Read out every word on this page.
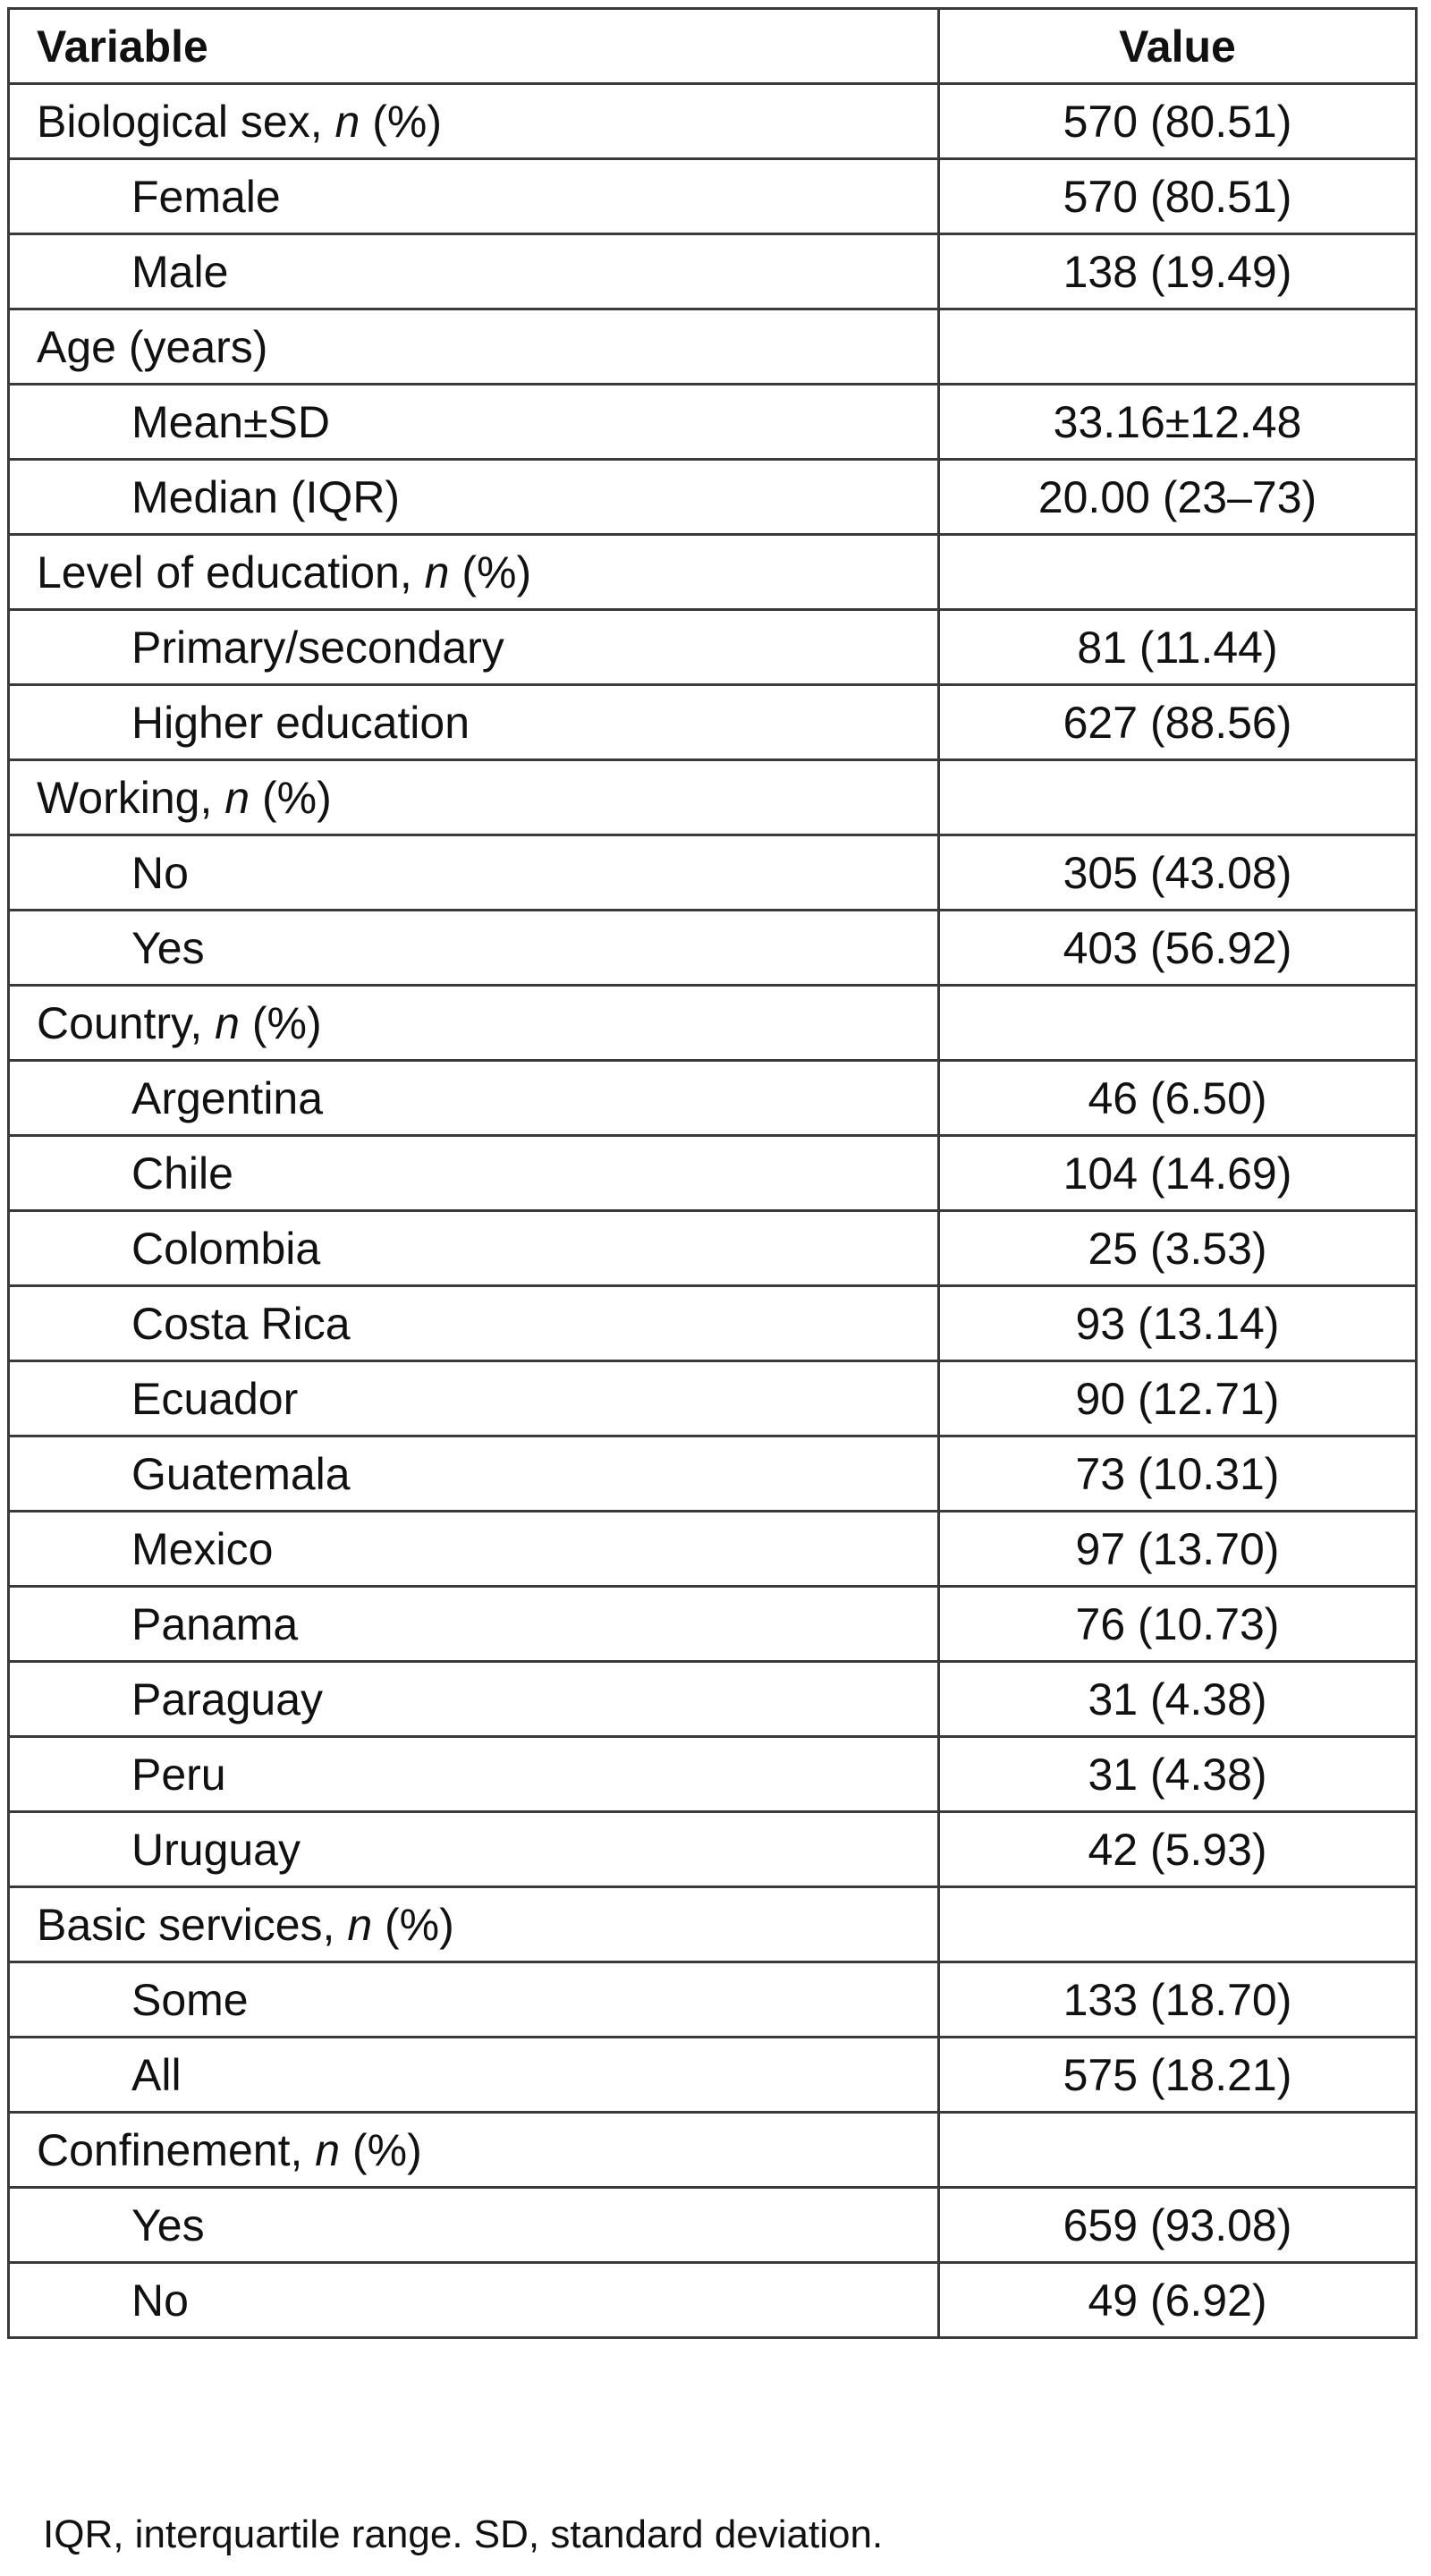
Variable	Value
Biological sex, n (%)	570 (80.51)
Female	570 (80.51)
Male	138 (19.49)
Age (years)	
Mean±SD	33.16±12.48
Median (IQR)	20.00 (23–73)
Level of education, n (%)	
Primary/secondary	81 (11.44)
Higher education	627 (88.56)
Working, n (%)	
No	305 (43.08)
Yes	403 (56.92)
Country, n (%)	
Argentina	46 (6.50)
Chile	104 (14.69)
Colombia	25 (3.53)
Costa Rica	93 (13.14)
Ecuador	90 (12.71)
Guatemala	73 (10.31)
Mexico	97 (13.70)
Panama	76 (10.73)
Paraguay	31 (4.38)
Peru	31 (4.38)
Uruguay	42 (5.93)
Basic services, n (%)	
Some	133 (18.70)
All	575 (18.21)
Confinement, n (%)	
Yes	659 (93.08)
No	49 (6.92)
IQR, interquartile range. SD, standard deviation.
